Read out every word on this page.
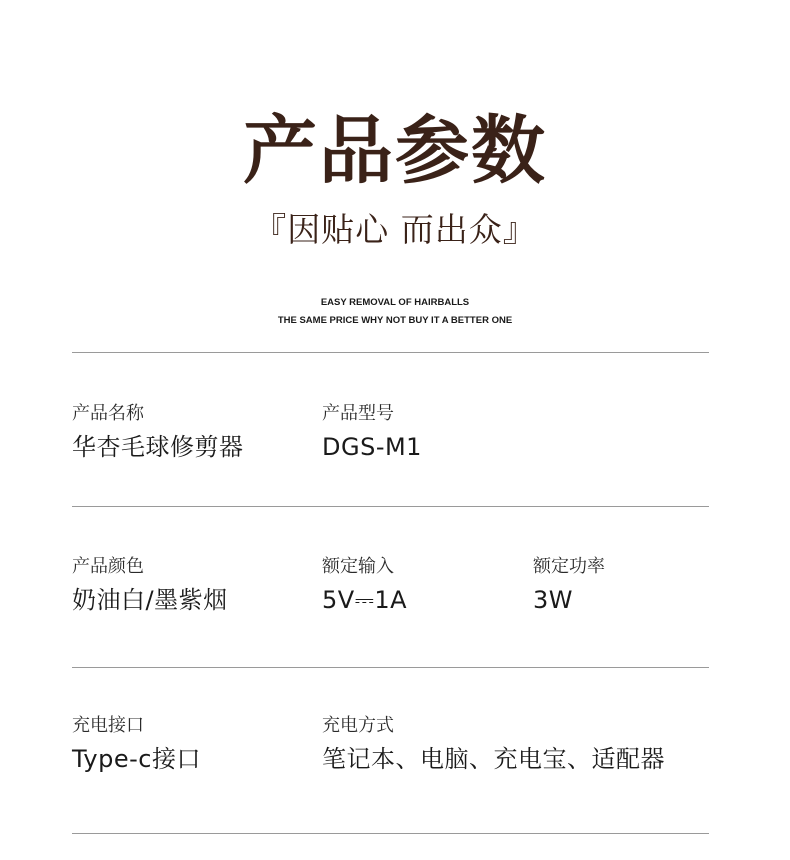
产品参数
『因贴心 而出众』
EASY REMOVAL OF HAIRBALLS
THE SAME PRICE WHY NOT BUY IT A BETTER ONE
产品名称
华杏毛球修剪器
产品型号
DGS-M1
产品颜色
奶油白/墨紫烟
额定输入
5V⎓1A
额定功率
3W
充电接口
Type-c接口
充电方式
笔记本、电脑、充电宝、适配器
